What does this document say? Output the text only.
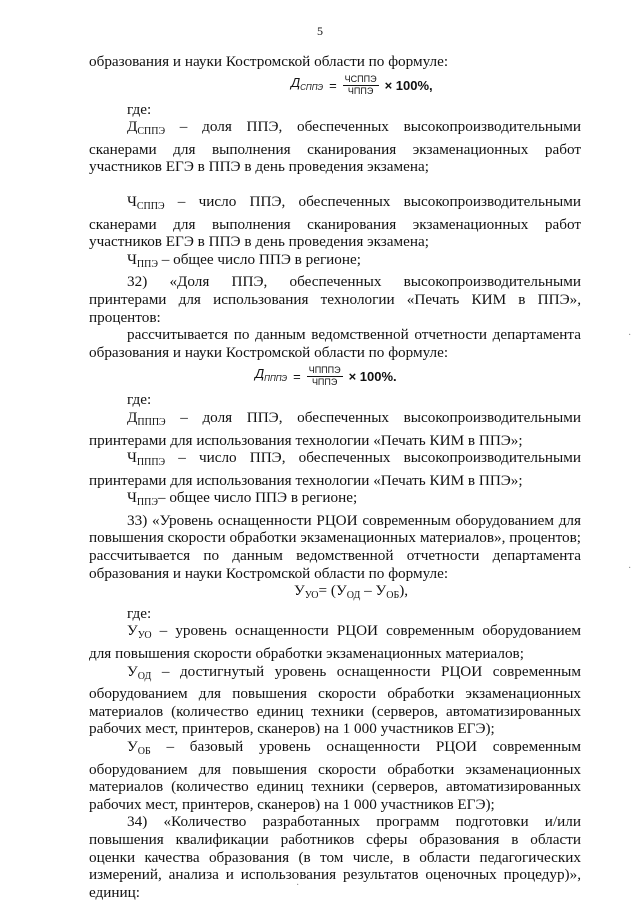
5

образования и науки Костромской области по формуле:

$Д_{СППЭ} = \frac{\text{ЧСППЭ}}{\text{ЧППЭ}} \times 100\%$,

где:

$Д_{СППЭ}$ – доля ППЭ, обеспеченных высокопроизводительными сканерами для выполнения сканирования экзаменационных работ участников ЕГЭ в ППЭ в день проведения экзамена;

$Ч_{СППЭ}$ – число ППЭ, обеспеченных высокопроизводительными сканерами для выполнения сканирования экзаменационных работ участников ЕГЭ в ППЭ в день проведения экзамена;

$Ч_{ППЭ}$ – общее число ППЭ в регионе;

32) «Доля ППЭ, обеспеченных высокопроизводительными принтерами для использования технологии «Печать КИМ в ППЭ», процентов:

рассчитывается по данным ведомственной отчетности департамента образования и науки Костромской области по формуле:

$Д_{ПППЭ} = \frac{\text{ЧПППЭ}}{\text{ЧППЭ}} \times 100\%$.

где:

$Д_{ПППЭ}$ – доля ППЭ, обеспеченных высокопроизводительными принтерами для использования технологии «Печать КИМ в ППЭ»;

$Ч_{ПППЭ}$ – число ППЭ, обеспеченных высокопроизводительными принтерами для использования технологии «Печать КИМ в ППЭ»;

$Ч_{ППЭ}-$ общее число ППЭ в регионе;

33) «Уровень оснащенности РЦОИ современным оборудованием для повышения скорости обработки экзаменационных материалов», процентов; рассчитывается по данным ведомственной отчетности департамента образования и науки Костромской области по формуле:

$У_{УО}= (У_{ОД} - У_{ОБ})$,

где:

$У_{УО}$ – уровень оснащенности РЦОИ современным оборудованием для повышения скорости обработки экзаменационных материалов;

$У_{ОД}$ – достигнутый уровень оснащенности РЦОИ современным оборудованием для повышения скорости обработки экзаменационных материалов (количество единиц техники (серверов, автоматизированных рабочих мест, принтеров, сканеров) на 1 000 участников ЕГЭ);

$У_{ОБ}$ – базовый уровень оснащенности РЦОИ современным оборудованием для повышения скорости обработки экзаменационных материалов (количество единиц техники (серверов, автоматизированных рабочих мест, принтеров, сканеров) на 1 000 участников ЕГЭ);

34) «Количество разработанных программ подготовки и/или повышения квалификации работников сферы образования в области оценки качества образования (в том числе, в области педагогических измерений, анализа и использования результатов оценочных процедур)», единиц:

·
·
·
